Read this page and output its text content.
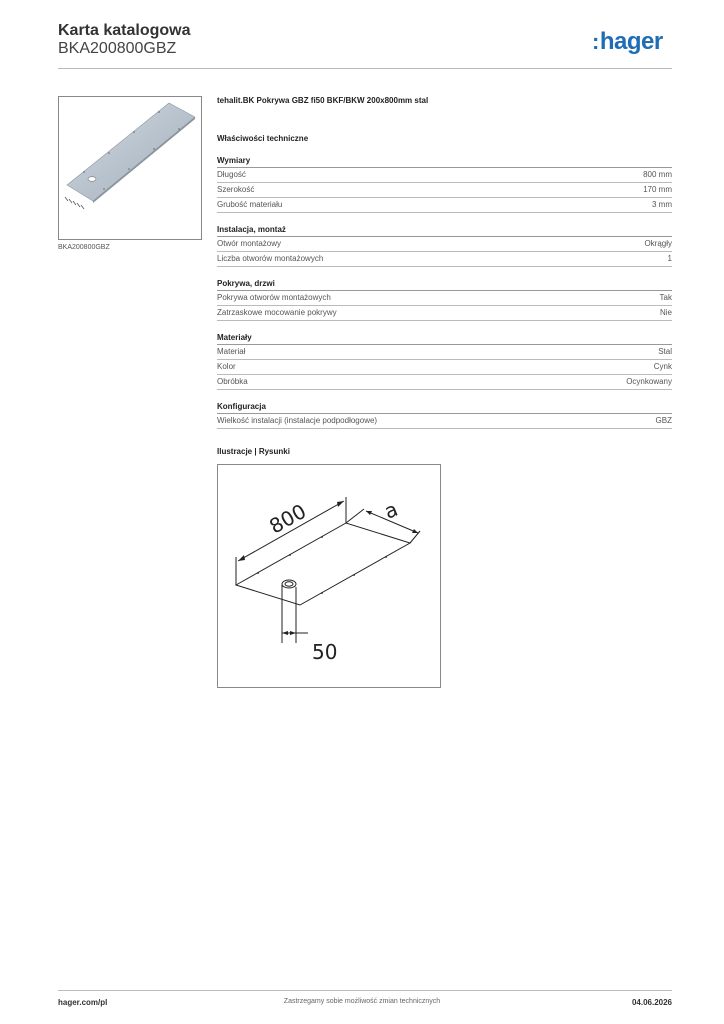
Karta katalogowa
BKA200800GBZ	:hager
BKA200800GBZ
tehalit.BK Pokrywa GBZ fi50 BKF/BKW 200x800mm stal
Właściwości techniczne
Wymiary
Długość	800 mm
Szerokość	170 mm
Grubość materiału	3 mm
Instalacja, montaż
Otwór montażowy	Okrągły
Liczba otworów montażowych	1
Pokrywa, drzwi
Pokrywa otworów montażowych	Tak
Zatrzaskowe mocowanie pokrywy	Nie
Materiały
Materiał	Stal
Kolor	Cynk
Obróbka	Ocynkowany
Konfiguracja
Wielkość instalacji (instalacje podpodłogowe)	GBZ
Ilustracje | Rysunki
800	a
50
hager.com/pl	Zastrzegamy sobie możliwość zmian technicznych	04.06.2026
